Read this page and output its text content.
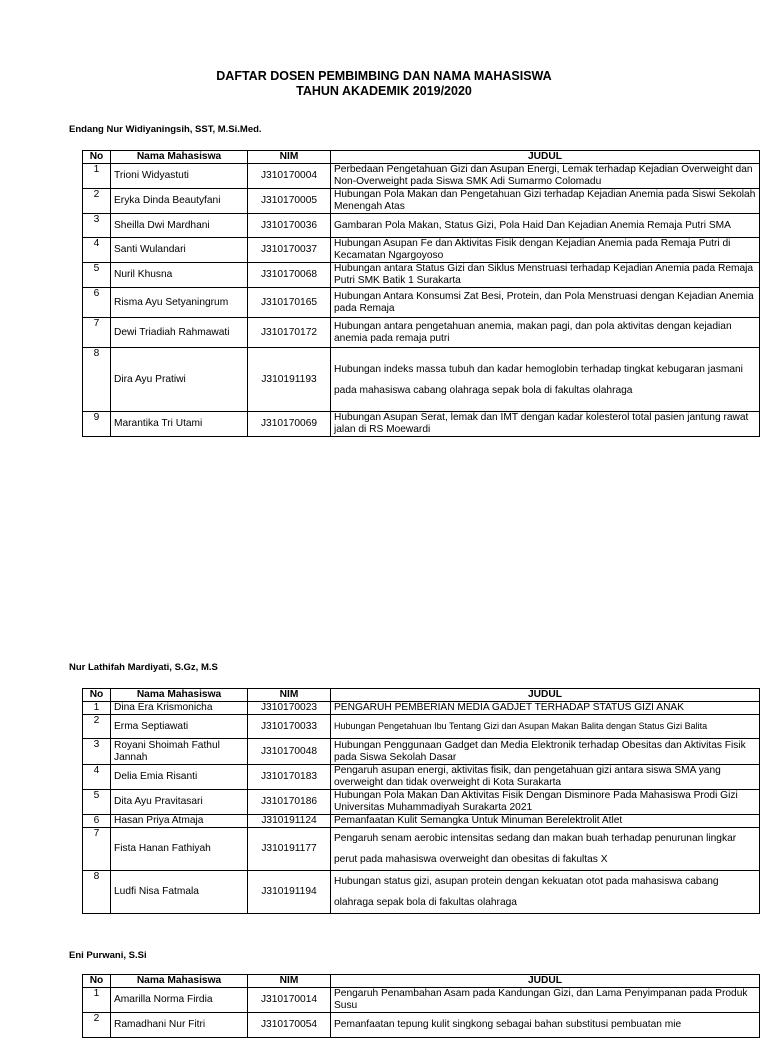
DAFTAR DOSEN PEMBIMBING DAN NAMA MAHASISWA
TAHUN AKADEMIK 2019/2020
Endang Nur Widiyaningsih, SST, M.Si.Med.
No	Nama Mahasiswa	NIM	JUDUL
1	Trioni Widyastuti	J310170004	Perbedaan Pengetahuan Gizi dan Asupan Energi, Lemak terhadap Kejadian Overweight dan Non-Overweight pada Siswa SMK Adi Sumarmo Colomadu
2	Eryka Dinda Beautyfani	J310170005	Hubungan Pola Makan dan Pengetahuan Gizi terhadap Kejadian Anemia pada Siswi Sekolah Menengah Atas
3	Sheilla Dwi Mardhani	J310170036	Gambaran Pola Makan, Status Gizi, Pola Haid Dan Kejadian Anemia Remaja Putri SMA
4	Santi Wulandari	J310170037	Hubungan Asupan Fe dan Aktivitas Fisik dengan Kejadian Anemia pada Remaja Putri di Kecamatan Ngargoyoso
5	Nuril Khusna	J310170068	Hubungan antara Status Gizi dan Siklus Menstruasi terhadap Kejadian Anemia pada Remaja Putri SMK Batik 1 Surakarta
6	Risma Ayu Setyaningrum	J310170165	Hubungan Antara Konsumsi Zat Besi, Protein, dan Pola Menstruasi dengan Kejadian Anemia pada Remaja
7	Dewi Triadiah Rahmawati	J310170172	Hubungan antara pengetahuan anemia, makan pagi, dan pola aktivitas dengan kejadian anemia pada remaja putri
8	Dira Ayu Pratiwi	J310191193	Hubungan indeks massa tubuh dan kadar hemoglobin terhadap tingkat kebugaran jasmani pada mahasiswa cabang olahraga sepak bola di fakultas olahraga
9	Marantika Tri Utami	J310170069	Hubungan Asupan Serat, lemak dan IMT dengan kadar kolesterol total pasien jantung rawat jalan di RS Moewardi
Nur Lathifah Mardiyati, S.Gz, M.S
No	Nama Mahasiswa	NIM	JUDUL
1	Dina Era Krismonicha	J310170023	PENGARUH PEMBERIAN MEDIA GADJET TERHADAP STATUS GIZI ANAK
2	Erma Septiawati	J310170033	Hubungan Pengetahuan Ibu Tentang Gizi dan Asupan Makan Balita dengan Status Gizi Balita
3	Royani Shoimah Fathul Jannah	J310170048	Hubungan Penggunaan Gadget dan Media Elektronik terhadap Obesitas dan Aktivitas Fisik pada Siswa Sekolah Dasar
4	Delia Emia Risanti	J310170183	Pengaruh asupan energi, aktivitas fisik, dan pengetahuan gizi antara siswa SMA yang overweight dan tidak overweight di Kota Surakarta
5	Dita Ayu Pravitasari	J310170186	Hubungan Pola Makan Dan Aktivitas Fisik Dengan Disminore Pada Mahasiswa Prodi Gizi Universitas Muhammadiyah Surakarta 2021
6	Hasan Priya Atmaja	J310191124	Pemanfaatan Kulit Semangka Untuk Minuman Berelektrolit Atlet
7	Fista Hanan Fathiyah	J310191177	Pengaruh senam aerobic intensitas sedang dan makan buah terhadap penurunan lingkar perut pada mahasiswa overweight dan obesitas di fakultas X
8	Ludfi Nisa Fatmala	J310191194	Hubungan status gizi, asupan protein dengan kekuatan otot pada mahasiswa cabang olahraga sepak bola di fakultas olahraga
Eni Purwani, S.Si
No	Nama Mahasiswa	NIM	JUDUL
1	Amarilla Norma Firdia	J310170014	Pengaruh Penambahan Asam pada Kandungan Gizi, dan Lama Penyimpanan pada Produk Susu
2	Ramadhani Nur Fitri	J310170054	Pemanfaatan tepung kulit singkong sebagai bahan substitusi pembuatan mie
